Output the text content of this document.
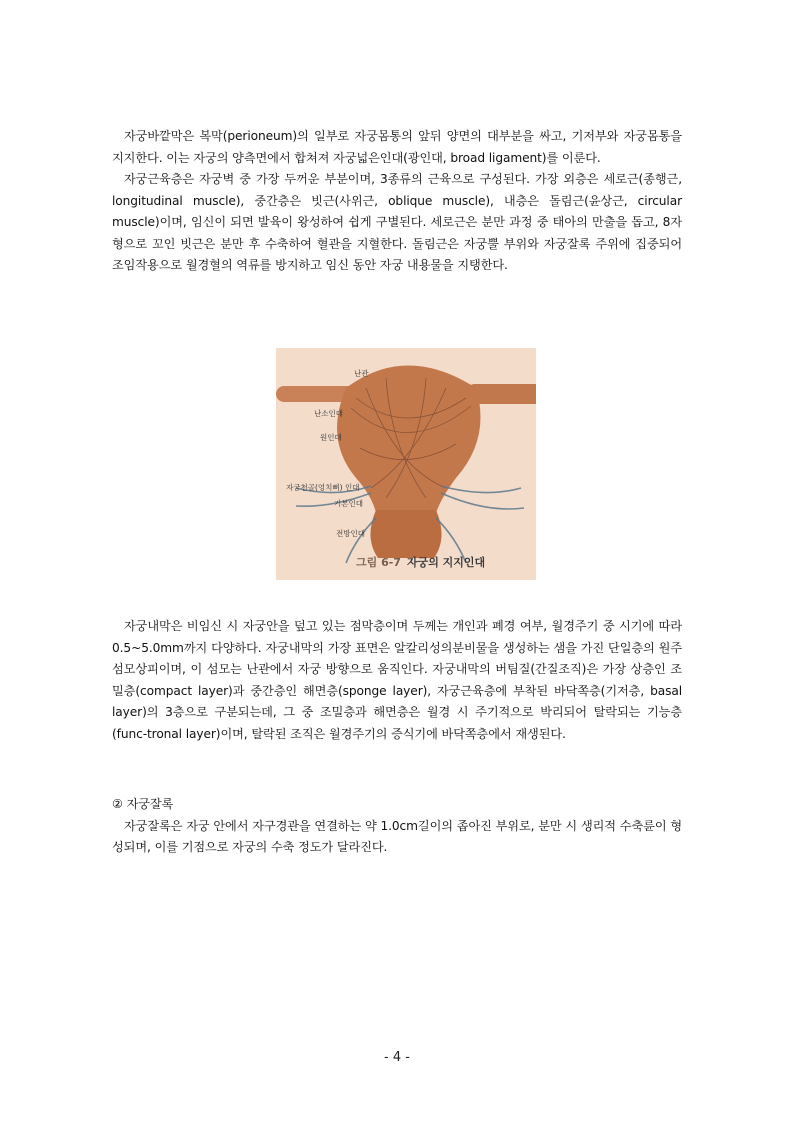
자궁바깥막은 복막(perioneum)의 일부로 자궁몸통의 앞뒤 양면의 대부분을 싸고, 기저부와 자궁몸통을 지지한다. 이는 자궁의 양측면에서 합쳐져 자궁넓은인대(광인대, broad ligament)를 이룬다.

자궁근육층은 자궁벽 중 가장 두꺼운 부분이며, 3종류의 근육으로 구성된다. 가장 외층은 세로근(종행근, longitudinal muscle), 중간층은 빗근(사위근, oblique muscle), 내층은 돌림근(윤상근, circular muscle)이며, 임신이 되면 발육이 왕성하여 쉽게 구별된다. 세로근은 분만 과정 중 태아의 만출을 돕고, 8자형으로 꼬인 빗근은 분만 후 수축하여 혈관을 지혈한다. 돌림근은 자궁뿔 부위와 자궁잘록 주위에 집중되어 조임작용으로 월경혈의 역류를 방지하고 임신 동안 자궁 내용물을 지탱한다.

난관
난소인대
원인대
자궁천골(엉치뼈) 인대
기본인대
전방인대
그림 6-7 자궁의 지지인대

자궁내막은 비임신 시 자궁안을 덮고 있는 점막층이며 두께는 개인과 폐경 여부, 월경주기 중 시기에 따라 0.5~5.0mm까지 다양하다. 자궁내막의 가장 표면은 알칼리성의분비물을 생성하는 샘을 가진 단일층의 원주섬모상피이며, 이 섬모는 난관에서 자궁 방향으로 움직인다. 자궁내막의 버팀질(간질조직)은 가장 상층인 조밀층(compact layer)과 중간층인 해면층(sponge layer), 자궁근육층에 부착된 바닥쪽층(기저층, basal layer)의 3층으로 구분되는데, 그 중 조밀층과 해면층은 월경 시 주기적으로 박리되어 탈락되는 기능층(func-tronal layer)이며, 탈락된 조직은 월경주기의 증식기에 바닥쪽층에서 재생된다.

② 자궁잘록

자궁잘록은 자궁 안에서 자구경관을 연결하는 약 1.0cm길이의 좁아진 부위로, 분만 시 생리적 수축륜이 형성되며, 이를 기점으로 자궁의 수축 정도가 달라진다.

- 4 -
